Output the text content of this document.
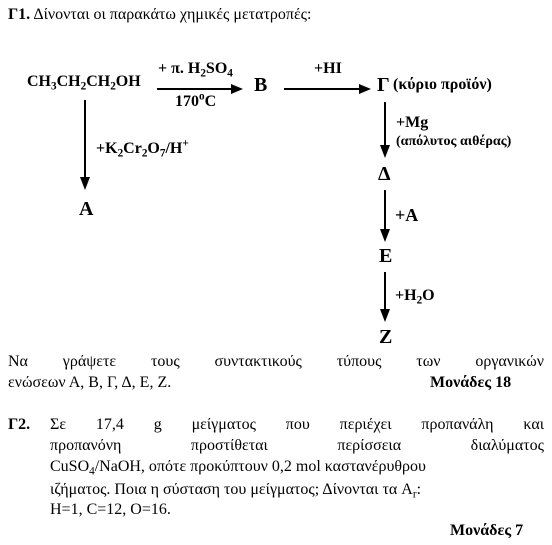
Γ1. Δίνονται οι παρακάτω χημικές μετατροπές:
$CH_3CH_2CH_2OH$
+ π. $H_2SO_4$
170$^o$C
B
+HI
Γ (κύριο προϊόν)
$+K_2Cr_2O_7/H^+$
A
+Mg
(απόλυτος αιθέρας)
Δ
+A
E
$+H_2O$
Z
Να γράψετε τους συντακτικούς τύπους των οργανικών
ενώσεων Α, Β, Γ, Δ, Ε, Ζ.	Μονάδες 18
Γ2. Σε 17,4 g μείγματος που περιέχει προπανάλη και
προπανόνη προστίθεται περίσσεια διαλύματος
CuSO$_4$/NaOH, οπότε προκύπτουν 0,2 mol καστανέρυθρου
ιζήματος. Ποια η σύσταση του μείγματος; Δίνονται τα $A_r$:
H=1, C=12, O=16.
Μονάδες 7
